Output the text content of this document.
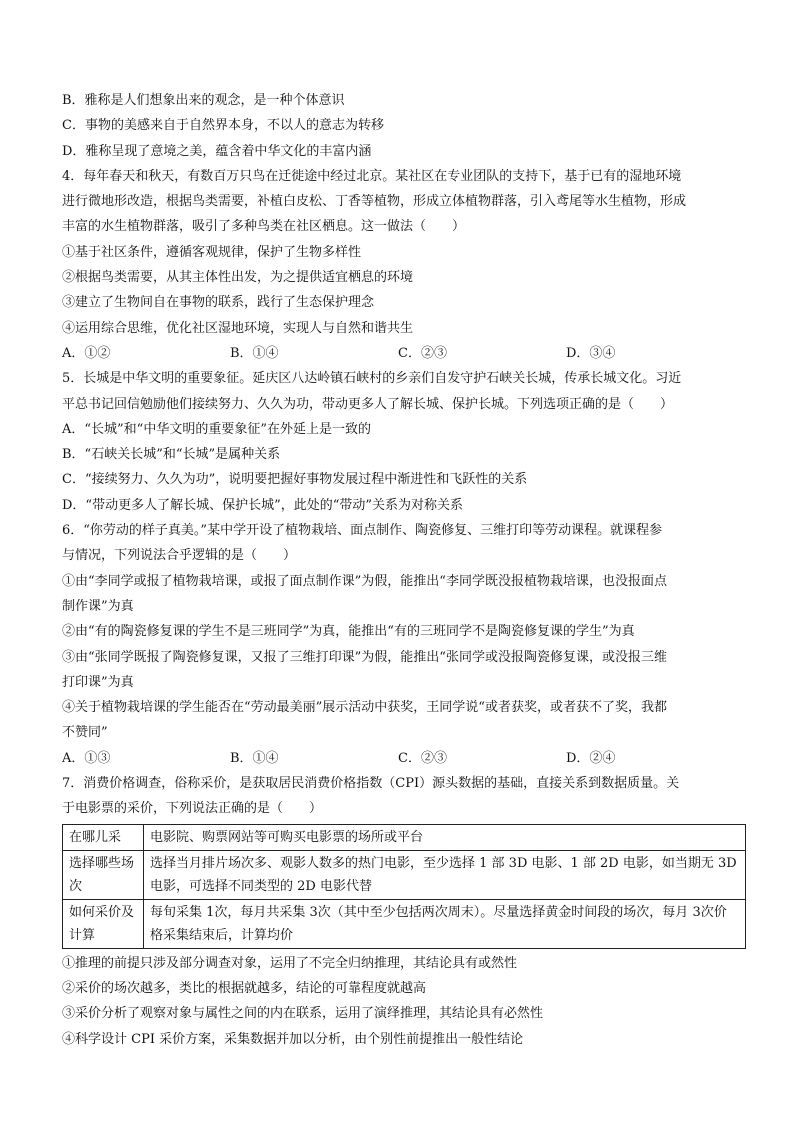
B．雅称是人们想象出来的观念，是一种个体意识
C．事物的美感来自于自然界本身，不以人的意志为转移
D．雅称呈现了意境之美，蕴含着中华文化的丰富内涵
4．每年春天和秋天，有数百万只鸟在迁徙途中经过北京。某社区在专业团队的支持下，基于已有的湿地环境
进行微地形改造，根据鸟类需要，补植白皮松、丁香等植物，形成立体植物群落，引入鸢尾等水生植物，形成
丰富的水生植物群落，吸引了多种鸟类在社区栖息。这一做法（　　）
①基于社区条件，遵循客观规律，保护了生物多样性
②根据鸟类需要，从其主体性出发，为之提供适宜栖息的环境
③建立了生物间自在事物的联系，践行了生态保护理念
④运用综合思维，优化社区湿地环境，实现人与自然和谐共生
A．①②	B．①④	C．②③	D．③④
5．长城是中华文明的重要象征。延庆区八达岭镇石峡村的乡亲们自发守护石峡关长城，传承长城文化。习近
平总书记回信勉励他们接续努力、久久为功，带动更多人了解长城、保护长城。下列选项正确的是（　　）
A．“长城”和“中华文明的重要象征”在外延上是一致的
B．“石峡关长城”和“长城”是属种关系
C．“接续努力、久久为功”，说明要把握好事物发展过程中渐进性和飞跃性的关系
D．“带动更多人了解长城、保护长城”，此处的“带动”关系为对称关系
6．“你劳动的样子真美。”某中学开设了植物栽培、面点制作、陶瓷修复、三维打印等劳动课程。就课程参
与情况，下列说法合乎逻辑的是（　　）
①由“李同学或报了植物栽培课，或报了面点制作课”为假，能推出“李同学既没报植物栽培课，也没报面点
制作课”为真
②由“有的陶瓷修复课的学生不是三班同学”为真，能推出“有的三班同学不是陶瓷修复课的学生”为真
③由“张同学既报了陶瓷修复课，又报了三维打印课”为假，能推出“张同学或没报陶瓷修复课，或没报三维
打印课”为真
④关于植物栽培课的学生能否在“劳动最美丽”展示活动中获奖，王同学说“或者获奖，或者获不了奖，我都
不赞同”
A．①③	B．①④	C．②③	D．②④
7．消费价格调查，俗称采价，是获取居民消费价格指数（CPI）源头数据的基础，直接关系到数据质量。关
于电影票的采价，下列说法正确的是（　　）
在哪儿采	电影院、购票网站等可购买电影票的场所或平台
选择哪些场次	选择当月排片场次多、观影人数多的热门电影，至少选择 1 部 3D 电影、1 部 2D 电影，如当期无 3D 电影，可选择不同类型的 2D 电影代替
如何采价及计算	每旬采集 1次，每月共采集 3次（其中至少包括两次周末）。尽量选择黄金时间段的场次，每月 3次价格采集结束后，计算均价
①推理的前提只涉及部分调查对象，运用了不完全归纳推理，其结论具有或然性
②采价的场次越多，类比的根据就越多，结论的可靠程度就越高
③采价分析了观察对象与属性之间的内在联系，运用了演绎推理，其结论具有必然性
④科学设计 CPI 采价方案，采集数据并加以分析，由个别性前提推出一般性结论
